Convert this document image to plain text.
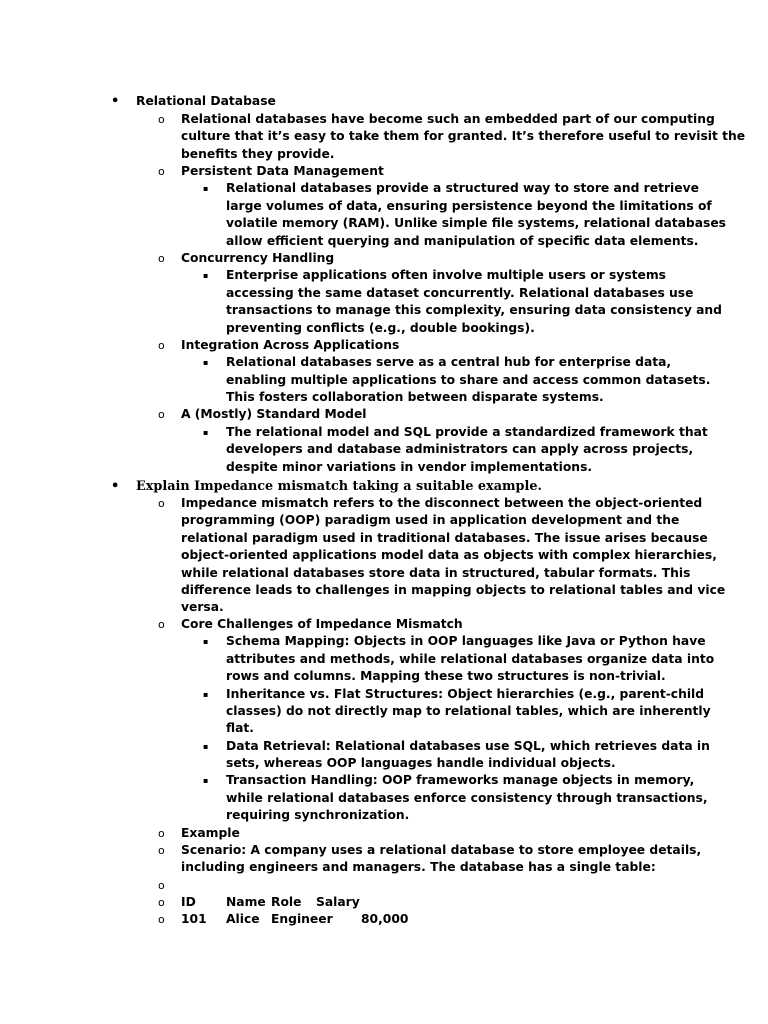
• Relational Database
o Relational databases have become such an embedded part of our computing
culture that it’s easy to take them for granted. It’s therefore useful to revisit the
benefits they provide.
o Persistent Data Management
▪ Relational databases provide a structured way to store and retrieve
large volumes of data, ensuring persistence beyond the limitations of
volatile memory (RAM). Unlike simple file systems, relational databases
allow efficient querying and manipulation of specific data elements.
o Concurrency Handling
▪ Enterprise applications often involve multiple users or systems
accessing the same dataset concurrently. Relational databases use
transactions to manage this complexity, ensuring data consistency and
preventing conflicts (e.g., double bookings).
o Integration Across Applications
▪ Relational databases serve as a central hub for enterprise data,
enabling multiple applications to share and access common datasets.
This fosters collaboration between disparate systems.
o A (Mostly) Standard Model
▪ The relational model and SQL provide a standardized framework that
developers and database administrators can apply across projects,
despite minor variations in vendor implementations.
• Explain Impedance mismatch taking a suitable example.
o Impedance mismatch refers to the disconnect between the object-oriented
programming (OOP) paradigm used in application development and the
relational paradigm used in traditional databases. The issue arises because
object-oriented applications model data as objects with complex hierarchies,
while relational databases store data in structured, tabular formats. This
difference leads to challenges in mapping objects to relational tables and vice
versa.
o Core Challenges of Impedance Mismatch
▪ Schema Mapping: Objects in OOP languages like Java or Python have
attributes and methods, while relational databases organize data into
rows and columns. Mapping these two structures is non-trivial.
▪ Inheritance vs. Flat Structures: Object hierarchies (e.g., parent-child
classes) do not directly map to relational tables, which are inherently
flat.
▪ Data Retrieval: Relational databases use SQL, which retrieves data in
sets, whereas OOP languages handle individual objects.
▪ Transaction Handling: OOP frameworks manage objects in memory,
while relational databases enforce consistency through transactions,
requiring synchronization.
o Example
o Scenario: A company uses a relational database to store employee details,
including engineers and managers. The database has a single table:
o
o ID Name Role Salary
o 101 Alice Engineer 80,000
